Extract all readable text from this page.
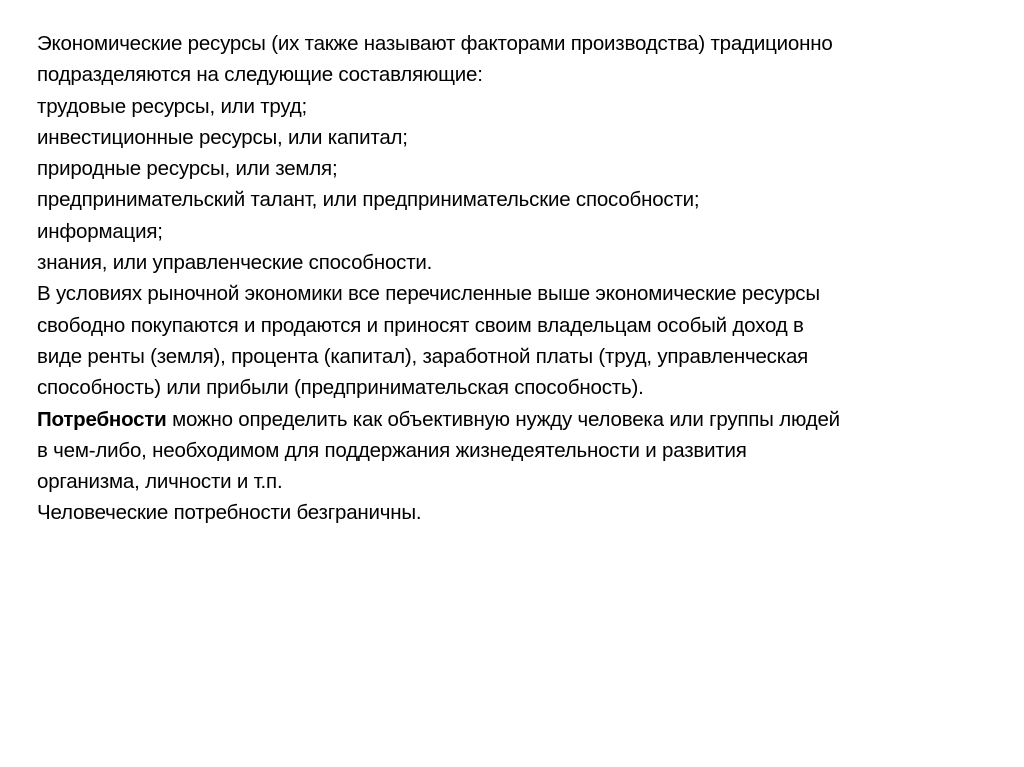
Экономические ресурсы (их также называют факторами производства) традиционно
подразделяются на следующие составляющие:

трудовые ресурсы, или труд;
инвестиционные ресурсы, или капитал;
природные ресурсы, или земля;
предпринимательский талант, или предпринимательские способности;
информация;
знания, или управленческие способности.

В условиях рыночной экономики все перечисленные выше экономические ресурсы
свободно покупаются и продаются и приносят своим владельцам особый доход в
виде ренты (земля), процента (капитал), заработной платы (труд, управленческая
способность) или прибыли (предпринимательская способность).

Потребности можно определить как объективную нужду человека или группы людей
в чем-либо, необходимом для поддержания жизнедеятельности и развития
организма, личности и т.п.

Человеческие потребности безграничны.
